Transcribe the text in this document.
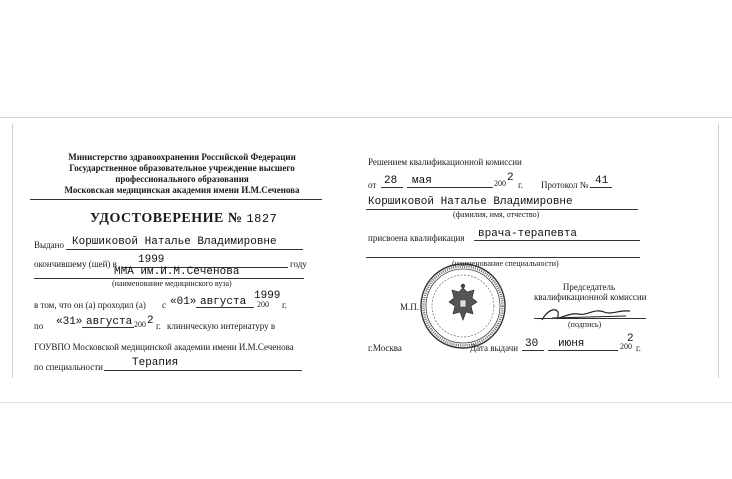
Министерство здравоохранения Российской Федерации
Государственное образовательное учреждение высшего
профессионального образования
Московская медицинская академия имени И.М.Сеченова
УДОСТОВЕРЕНИЕ № 1827
Выдано Коршиковой Наталье Владимировне
окончившему (шей) в 1999	году
ММА им.И.М.Сеченова
(наименование медицинского вуза)
в том, что он (а) проходил (а) с «01» августа 1999
200 г.
по «31» августа 200 2 г. клиническую интернатуру в
ГОУВПО Московской медицинской академии имени И.М.Сеченова
по специальности	Терапия
Решением квалификационной комиссии
от 28 мая	200 2
г. Протокол № 41
Коршиковой Наталье Владимировне
(фамилия, имя, отчество)
присвоена квалификация врача-терапевта
(наименование специальности)
М.П.
Председатель
квалификационной комиссии
(подпись)
г.Москва	Дата выдачи 30 июня	200
2
г.
